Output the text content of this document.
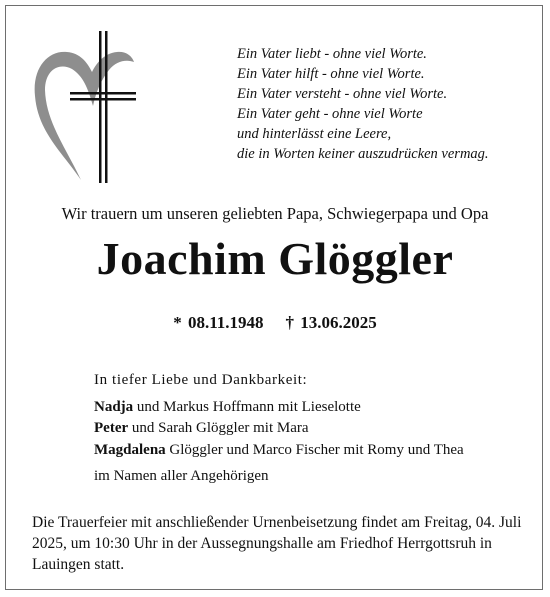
Ein Vater liebt - ohne viel Worte.
Ein Vater hilft - ohne viel Worte.
Ein Vater versteht - ohne viel Worte.
Ein Vater geht - ohne viel Worte
und hinterlässt eine Leere,
die in Worten keiner auszudrücken vermag.
Wir trauern um unseren geliebten Papa, Schwiegerpapa und Opa
Joachim Glöggler
* 08.11.1948 † 13.06.2025
In tiefer Liebe und Dankbarkeit:
Nadja und Markus Hoffmann mit Lieselotte
Peter und Sarah Glöggler mit Mara
Magdalena Glöggler und Marco Fischer mit Romy und Thea
im Namen aller Angehörigen
Die Trauerfeier mit anschließender Urnenbeisetzung findet am Freitag, 04. Juli 2025, um 10:30 Uhr in der Aussegnungshalle am Friedhof Herrgottsruh in Lauingen statt.
